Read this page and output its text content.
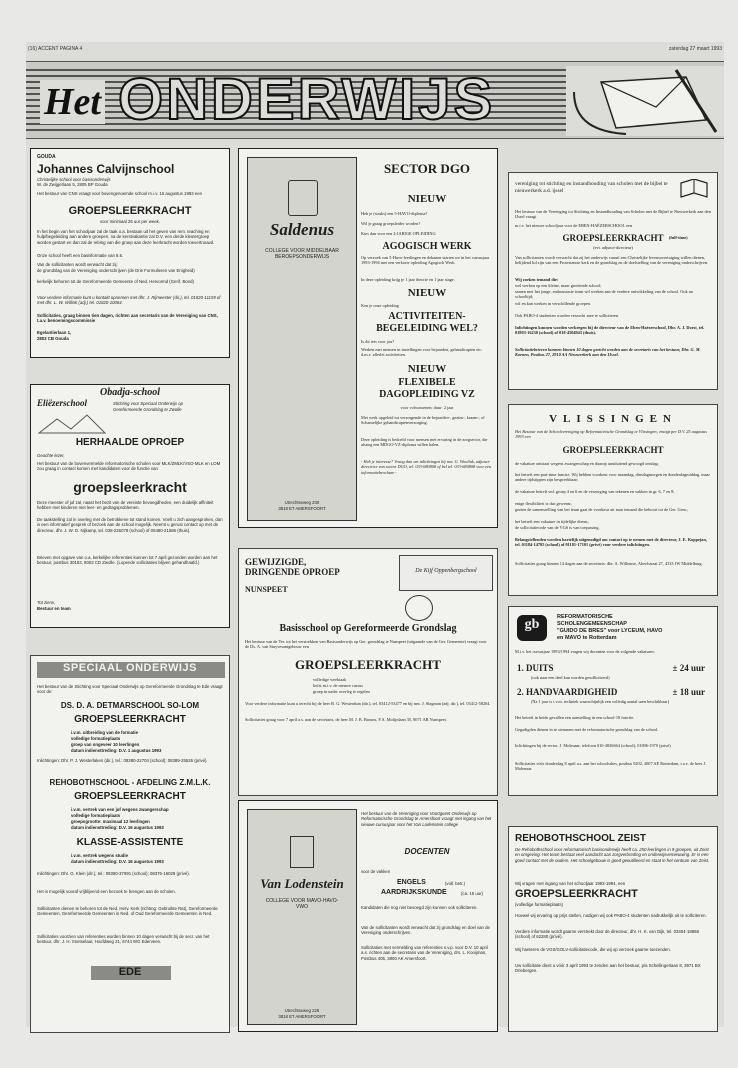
(16) ACCENT PAGINA 4	zaterdag 27 maart 1993
Het ONDERWIJS
GOUDA
Johannes Calvijnschool
Christelijke school voor basisonderwijs
W. de Zwijgerlaan 5, 2805 BP Gouda
Het bestuur van CNS vraagt voor bovengenoemde school m.i.v. 16 augustus 1993 een
GROEPSLEERKRACHT
voor minimaal 26 uur per week.
In het begin van het schooljaar zal de taak o.a. bestaan uit het geven van rem. teaching en hulp/begeleiding aan andere groepen, na de kerstvakantie zal D.V. een derde kleutergroep worden gestart en dan zal de rebing van die groep aan deze leerkracht worden toevertrouwd.
Onze school heeft een basisformatie van 8.6.
Van de sollicitanten wordt verwacht dat zij:
de grondslag van de Vereniging onderschrijven (de Drie Formulieren van Enigheid)
kerkelijk behoren tot de Gereformeerde Gemeente of Ned. Hervormd (Gerif. Bond)
Voor verdere informatie kunt u kontakt opnemen met dhr. J. Rijmeester (dir.), tel. 01820-11159 of met dhr. L. W. Willink (adj.) tel. 01820-10064.
Sollicitaties, graag binnen tien dagen, richten aan secretaris van de Vereniging van CNS, t.a.v. benoemingscommissie
Egelantierlaan 1,
2803 CB Gouda
Obadja-school
Eliëzerschool	Stichting voor Speciaal Onderwijs op
Gereformeerde Grondslag te Zwolle
HERHAALDE OPROEP
Geachte lezer,
Het bestuur van de bovenvermelde reformatorische scholen voor MLK/ZMLK/VSO-MLK en LOM zou graag in contact komen met kandidaten voor de functie van
groepsleerkracht
Deze meester of juf zal, naast het bezit van de vereiste bevoegdheden, een duidelijk affiniteit hebben met kinderen met leer- en gedragsproblemen.
De taakstelling zal in overleg met de betrokkene tot stand komen. Voelt u zich aangesproken, dan is een informatief gesprek of bezoek aan de school mogelijk. Neemt u gerust contact op met de directeur, dhr. J. W. D. Nijkamp, tel. 038-226078 (school) of 05480-21586 (thuis).
Brieven met opgave van o.a. kerkelijke referenties kunnen tot 7 april gezonden worden aan het bestuur, postbus 30163, 8003 CD Zwolle. (Lopende sollicitaties blijven gehandhaafd.)
Tot ziens,
Bestuur en team
SPECIAAL ONDERWIJS
Het bestuur van de Stichting voor Speciaal Onderwijs op Gereformeerde Grondslag te Ede vraagt voor de:
DS. D. A. DETMARSCHOOL SO-LOM
GROEPSLEERKRACHT
i.v.m. uitbreiding van de formatie
volledige formatieplaats
groep van ongeveer 10 leerlingen
datum indiensttreding: D.V. 1 augustus 1993
Inlichtingen: Dhr. P. J. Westerlaken (dir.), tel.: 08380-22704 (school); 08389-25526 (privé).
REHOBOTHSCHOOL - AFDELING Z.M.L.K.
GROEPSLEERKRACHT
i.v.m. vertrek van een juf wegens zwangerschap
volledige formatieplaats
groepsgrootte: maximaal 12 leerlingen
datum indiensttreding: D.V. 16 augustus 1993
KLASSE-ASSISTENTE
i.v.m. vertrek wegens studie
datum indiensttreding: D.V. 16 augustus 1993
Inlichtingen: Dhr. G. Klein (dir.), tel.: 08380-37991 (school); 08376-16029 (privé).
Het is mogelijk vooraf vrijblijvend een bezoek te brengen aan de scholen.
Sollicitanten dienen te behoren tot de Ned. Herv. Kerk (richting: Gebroikte Rat), Gereformeerde Gemeenten, Gereformeerde Gemeenten in Ned. of Oud Gereformeerde Gemeenten in Ned.
Sollicitaties voorzien van referenties worden binnen 10 dagen verwacht bij de secr. van het bestuur, dhr. J. H. Snetselaar, Hoofdweg 21, 6744 WG Ederveen.
EDE
Saldenus
COLLEGE VOOR MIDDELBAAR BEROEPSONDERWIJS
Utrechtseweg 230
3818 ET AMERSFOORT
SECTOR DGO
NIEUW
Heb je (straks) een 5-HAVO-diploma?
Wil je graag groepsleider worden?
Kies dan voor een 2-JARIGE OPLEIDING
AGOGISCH WERK
Op verzoek van 5-Havo-leerlingen en dekanen starten we in het cursusjaar 1993-1994 met een verkorte opleiding Agogisch Werk.
In deze opleiding krijg je 1 jaar theorie en 1 jaar stage.
NIEUW
Ken je onze opleiding
ACTIVITEITEN-
BEGELEIDING WEL?
Is dit iets voor jou?
Werken met mensen in instellingen voor bejaarden, gehandicapten etc. d.m.v. allerlei activiteiten.
NIEUW
FLEXIBELE
DAGOPLEIDING VZ
voor volwassenen; duur: 2 jaar
Met werk opgeleid tot verzorgende in de bejaarden-, gezins-, kraam-, of Schamelijke gehandicaptenverzorging.
Deze opleiding is bedoeld voor mensen met ervaring in de zorgsector, die alsnog een MDGO-VZ-diploma willen halen.
- Heb je interesse? Vraag dan om inlichtingen bij mw. G. Woolink, adjunct-directrice van sector DGO, tel. 033-680808 of bel tel. 033-680808 voor een informatiebrochure -
GEWIJZIGDE,
DRINGENDE OPROEP
NUNSPEET
De Kijf Oppenbergschool
Basisschool op Gereformeerde Grondslag
Het bestuur van de Ver. tot het verstrekken van Basisonderwijs op Ger. grondslag te Nunspeet (uitgaande van de Ger. Gemeente) vraagt voor de Ds. A. van Stuyvesantgebouw een
GROEPSLEERKRACHT
volledige weektaak
liefst m.i.v. de nieuwe cursus
groep in nader overleg te regelen
Voor verdere informatie kunt u terecht bij de heer R. G. Westerduin (dir.), tel. 03412-53477 en bij mw. J. Slagman (adj. dir.), tel. 03412-58204.
Sollicitaties graag voor 7 april a.s. aan de secretaris, de heer M. J. B. Brouns, F.A. Molijnlaan 35, 8071 AB Nunspeet.
Van Lodenstein
COLLEGE VOOR MAVO-HAVO-VWO
Utrechtseweg 226
3818 ET AMERSFOORT
Het bestuur van de Vereniging voor Voortgezet Onderwijs op Reformatorische Grondslag te Amersfoort vraagt met ingang van het nieuwe cursusjaar voor het Van Lodenstein college
DOCENTEN
voor de vakken
ENGELS	(voll. betr.)
AARDRIJKSKUNDE	(ca. 15 uur)
Kandidaten die nog niet bevoegd zijn kunnen ook solliciteren.
Van de sollicitanten wordt verwacht dat zij grondslag en doel van de Vereniging onderschrijven.
Sollicitaties met vermelding van referenties s.v.p. voor D.V. 10 april a.s. richten aan de secretaris van de Vereniging, drs. L. Kooijman, Postbus 405, 3800 AK Amersfoort.
vereniging tot stichting en instandhouding van scholen met de bijbel te nieuwerkerk a.d. ijssel
Het bestuur van de Vereniging tot Stichting en Instandhouding van Scholen met de Bijbel te Nieuwerkerk aan den IJssel vraagt
m.i.v. het nieuwe schooljaar voor de EBEN-HAËZERSCHOOL een
GROEPSLEERKRACHT	(full-time)
(evt. adjunct-directeur)
Van sollicitanten wordt verwacht dat zij het onderwijs vanuit een Christelijke levensovertuiging willen dienen, belijdend lid zijn van een Protestantse kerk en de grondslag en de doelstelling van de vereniging onderschrijven.
Wij zoeken iemand die:
wel werken op een kleine, maar groeiende school;
samen met het jonge, enthousiaste team wil werken aan de verdere ontwikkeling van de school. Ook na schooltijd;
wil en kan werken in verschillende groepen.
Ook PABO-4 studenten worden verzocht mee te solliciteren.
Inlichtingen kunnen worden verkregen bij de directeur van de Eben-Haëzerschool, Dhr. A. J. Dorst, tel. 01803-16230 (school) of 018-4504943 (thuis).
Sollicitatiebrieven kunnen binnen 10 dagen gericht worden aan de secretaris van het bestuur, Dhr. G. M. Koenen, Postbus 27, 2910 AA Nieuwerkerk aan den IJssel.
VLISSINGEN
Het Bestuur van de Schoolvereniging op Reformatorische Grondslag te Vlissingen, vraagt per D.V. 25 augustus 1993 een
GROEPSLEERKRACHT
de vakature ontstaat wegens zwangerschap en daarop aansluitend gewoogd ontslag;
het betreft een part-time functie. Wij hebben voorkeur voor maandag, dinsdagmorgen en donderdagmiddag, maar andere tijdstippen zijn bespreekbaar;
de vakature betreft vnl. groep 4 en 6 en de verzorging van tekenen en vakken in gr. 6, 7 en 8;
enige flexibiliteit is dus gewenst;
gezien de samenstelling van het team gaat de voorkeur uit naar iemand die behoort tot de Ger. Gem.;
het betreft een vakature in tijdelijke dienst;
de sollicitatiecode van de VGS is van toepassing.
Belangstellenden worden hartelijk uitgenodigd om contact op te nemen met de directeur, J. E. Koppejan, tel. 01184-14795 (school) of 01181-17101 (privé) voor verdere inlichtingen.
Sollicitaties graag binnen 14 dagen aan de secretaris: dhr. A. Willemse, Abeelstraat 27, 4333 JW Middelburg.
gb	REFORMATORISCHE
SCHOLENGEMEENSCHAP
"GUIDO DE BRES" voor LYCEUM, HAVO
en MAVO te Rotterdam
M.i.v. het cursusjaar 1993/1994 vragen wij docenten voor de volgende vakatures:
1. DUITS	± 24 uur
(ook naar een deel kan worden gesolliciteerd)
2. HANDVAARDIGHEID	± 18 uur
(Na 1 jaar is i.v.m. techniek waarschijnlijk een volledig aantal uren beschikbaar)
Het betreft in beide gevallen een aanstelling in een school-10 functie.
Gegadigden dienen in te stemmen met de reformatorische grondslag van de school.
Inlichtingen bij de rector, J. Molenaar, telefoon 010-4826664 (school), 01806-1970 (privé)
Sollicitaties vóór donderdag 8 april a.s. aan het schoolsdres, postbus 9202, 3007 AE Rotterdam, t.a.v. de heer J. Molenaar.
REHOBOTHSCHOOL ZEIST
De Rehobothschool voor reformatorisch basisonderwijs heeft ca. 250 leerlingen in 9 groepen, uit Zeist en omgeving. Het team bestaat veel aandacht aan zorgverbreding en onderwijsvernieuwing. Er is een goed contact met de ouders. Het schoolgebouw is goed geoutilleerd en staat in het centrum van Zeist.
Wij vragen met ingang van het schooljaar 1993-1994, een
GROEPSLEERKRACHT
(volledige formatieplaats)
Hoewel wij ervaring op prijs stellen, nodigen wij ook PABO-4 studenten nadrukkelijk uit te solliciteren.
Verdere informatie wordt gaarne verstrekt door de directeur, dhr. H. K. van Dijk, tel. 03404-18868 (school) of 62280 (privé).
Wij hanteren de VGS/GOLV-sollicitatiecode, die wij op verzoek gaarne toezenden.
Uw sollicitatie dient u vóór 3 april 1993 te zenden aan het bestuur, p/a Schellingerlaan 8, 3971 BX Driebergen.
